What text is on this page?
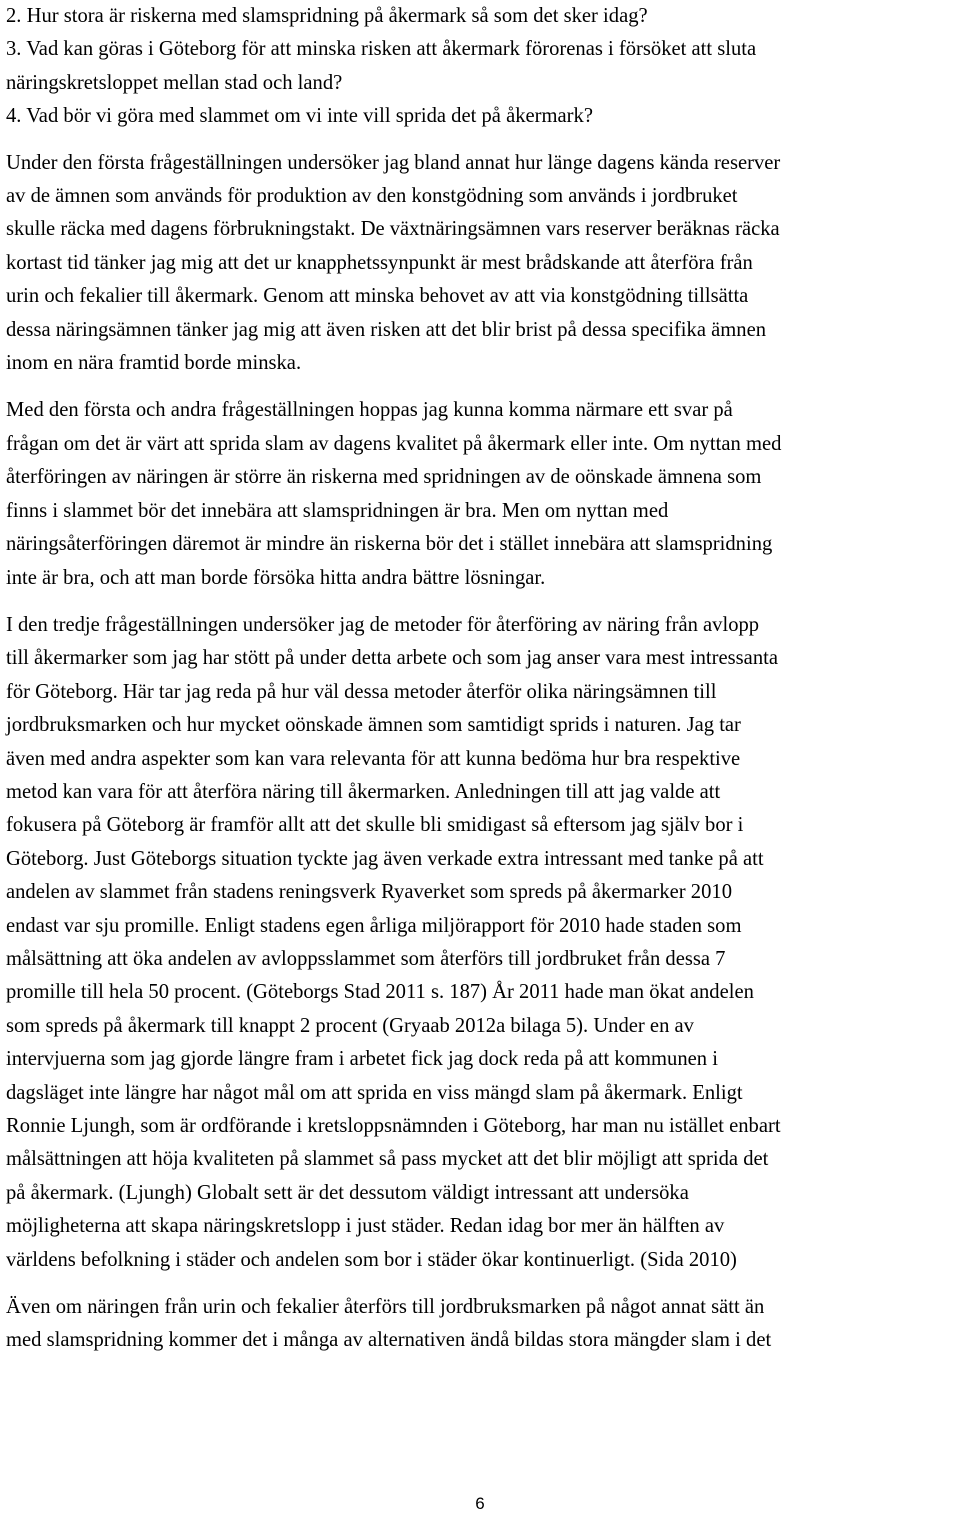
2. Hur stora är riskerna med slamspridning på åkermark så som det sker idag?

3. Vad kan göras i Göteborg för att minska risken att åkermark förorenas i försöket att sluta
näringskretsloppet mellan stad och land?

4. Vad bör vi göra med slammet om vi inte vill sprida det på åkermark?

Under den första frågeställningen undersöker jag bland annat hur länge dagens kända reserver
av de ämnen som används för produktion av den konstgödning som används i jordbruket
skulle räcka med dagens förbrukningstakt. De växtnäringsämnen vars reserver beräknas räcka
kortast tid tänker jag mig att det ur knapphetssynpunkt är mest brådskande att återföra från
urin och fekalier till åkermark. Genom att minska behovet av att via konstgödning tillsätta
dessa näringsämnen tänker jag mig att även risken att det blir brist på dessa specifika ämnen
inom en nära framtid borde minska.

Med den första och andra frågeställningen hoppas jag kunna komma närmare ett svar på
frågan om det är värt att sprida slam av dagens kvalitet på åkermark eller inte. Om nyttan med
återföringen av näringen är större än riskerna med spridningen av de oönskade ämnena som
finns i slammet bör det innebära att slamspridningen är bra. Men om nyttan med
näringsåterföringen däremot är mindre än riskerna bör det i stället innebära att slamspridning
inte är bra, och att man borde försöka hitta andra bättre lösningar.

I den tredje frågeställningen undersöker jag de metoder för återföring av näring från avlopp
till åkermarker som jag har stött på under detta arbete och som jag anser vara mest intressanta
för Göteborg. Här tar jag reda på hur väl dessa metoder återför olika näringsämnen till
jordbruksmarken och hur mycket oönskade ämnen som samtidigt sprids i naturen. Jag tar
även med andra aspekter som kan vara relevanta för att kunna bedöma hur bra respektive
metod kan vara för att återföra näring till åkermarken. Anledningen till att jag valde att
fokusera på Göteborg är framför allt att det skulle bli smidigast så eftersom jag själv bor i
Göteborg. Just Göteborgs situation tyckte jag även verkade extra intressant med tanke på att
andelen av slammet från stadens reningsverk Ryaverket som spreds på åkermarker 2010
endast var sju promille. Enligt stadens egen årliga miljörapport för 2010 hade staden som
målsättning att öka andelen av avloppsslammet som återförs till jordbruket från dessa 7
promille till hela 50 procent. (Göteborgs Stad 2011 s. 187) År 2011 hade man ökat andelen
som spreds på åkermark till knappt 2 procent (Gryaab 2012a bilaga 5). Under en av
intervjuerna som jag gjorde längre fram i arbetet fick jag dock reda på att kommunen i
dagsläget inte längre har något mål om att sprida en viss mängd slam på åkermark. Enligt
Ronnie Ljungh, som är ordförande i kretsloppsnämnden i Göteborg, har man nu istället enbart
målsättningen att höja kvaliteten på slammet så pass mycket att det blir möjligt att sprida det
på åkermark. (Ljungh) Globalt sett är det dessutom väldigt intressant att undersöka
möjligheterna att skapa näringskretslopp i just städer. Redan idag bor mer än hälften av
världens befolkning i städer och andelen som bor i städer ökar kontinuerligt. (Sida 2010)

Även om näringen från urin och fekalier återförs till jordbruksmarken på något annat sätt än
med slamspridning kommer det i många av alternativen ändå bildas stora mängder slam i det

6
